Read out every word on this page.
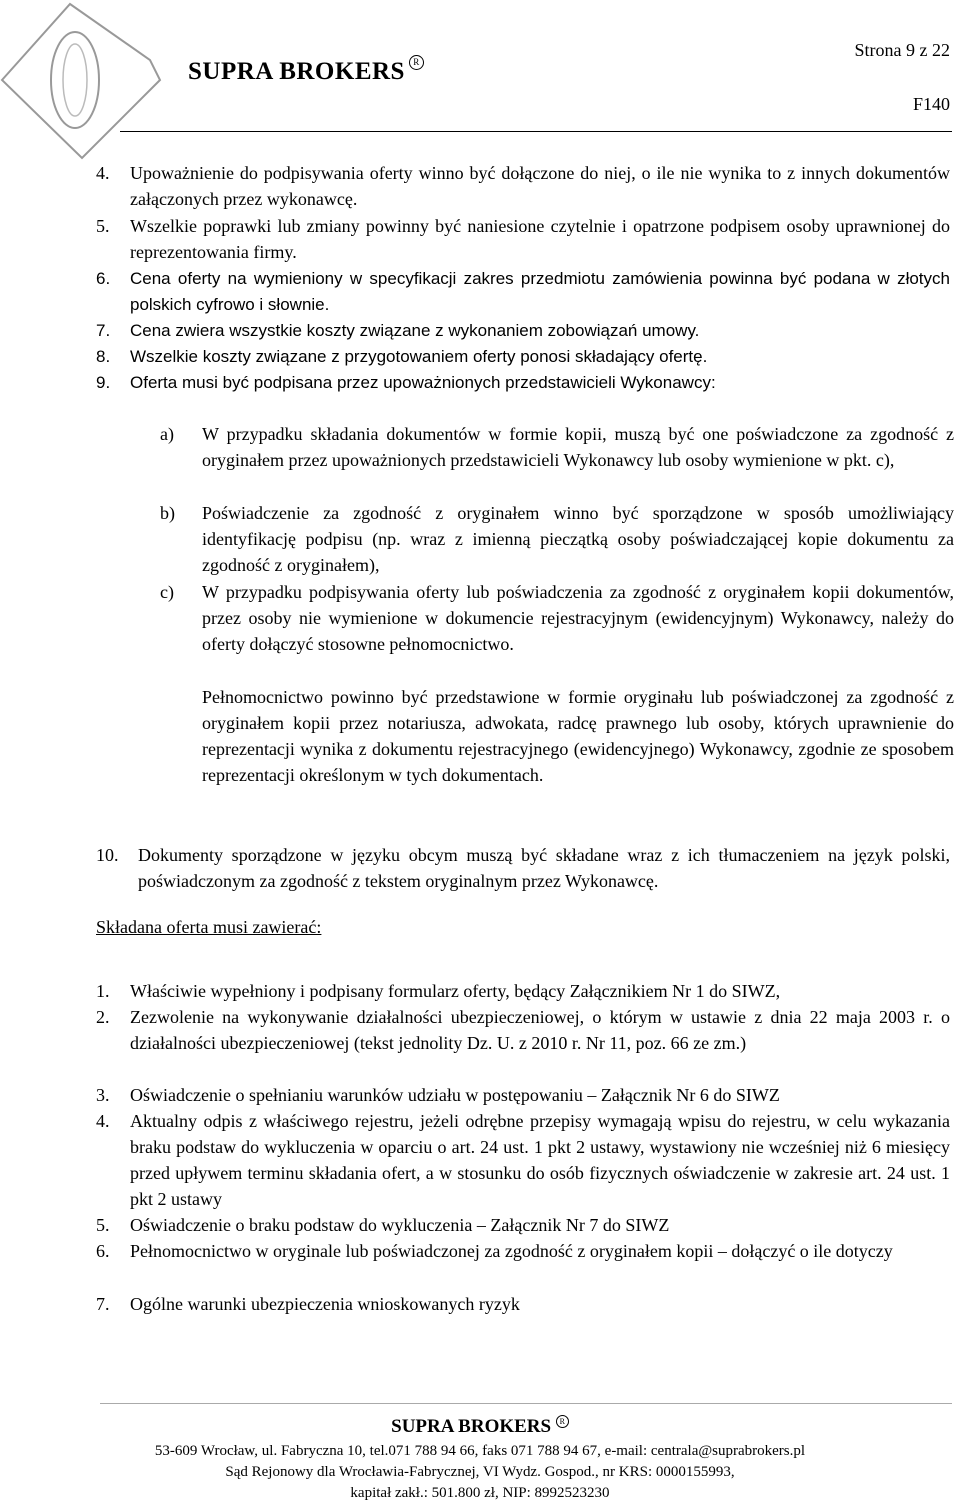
SUPRA BROKERS R
Strona 9 z 22
F140
4.	Upoważnienie do podpisywania oferty winno być dołączone do niej, o ile nie wynika to z innych dokumentów załączonych przez wykonawcę.
5.	Wszelkie poprawki lub zmiany powinny być naniesione czytelnie i opatrzone podpisem osoby uprawnionej do reprezentowania firmy.
6.	Cena oferty na wymieniony w specyfikacji zakres przedmiotu zamówienia powinna być podana w złotych polskich cyfrowo i słownie.
7.	Cena zwiera wszystkie koszty związane z wykonaniem zobowiązań umowy.
8.	Wszelkie koszty związane z przygotowaniem oferty ponosi składający ofertę.
9.	Oferta musi być podpisana przez upoważnionych przedstawicieli Wykonawcy:
a)	W przypadku składania dokumentów w formie kopii, muszą być one poświadczone za zgodność z oryginałem przez upoważnionych przedstawicieli Wykonawcy lub osoby wymienione w pkt. c),
b)	Poświadczenie za zgodność z oryginałem winno być sporządzone w sposób umożliwiający identyfikację podpisu (np. wraz z imienną pieczątką osoby poświadczającej kopie dokumentu za zgodność z oryginałem),
c)	W przypadku podpisywania oferty lub poświadczenia za zgodność z oryginałem kopii dokumentów, przez osoby nie wymienione w dokumencie rejestracyjnym (ewidencyjnym) Wykonawcy, należy do oferty dołączyć stosowne pełnomocnictwo.
Pełnomocnictwo powinno być przedstawione w formie oryginału lub poświadczonej za zgodność z oryginałem kopii przez notariusza, adwokata, radcę prawnego lub osoby, których uprawnienie do reprezentacji wynika z dokumentu rejestracyjnego (ewidencyjnego) Wykonawcy, zgodnie ze sposobem reprezentacji określonym w tych dokumentach.
10.	Dokumenty sporządzone w języku obcym muszą być składane wraz z ich tłumaczeniem na język polski, poświadczonym za zgodność z tekstem oryginalnym przez Wykonawcę.
Składana oferta musi zawierać:
1.	Właściwie wypełniony i podpisany formularz oferty, będący Załącznikiem Nr 1 do SIWZ,
2.	Zezwolenie na wykonywanie działalności ubezpieczeniowej, o którym w ustawie z dnia 22 maja 2003 r. o działalności ubezpieczeniowej (tekst jednolity Dz. U. z 2010 r. Nr 11, poz. 66 ze zm.)
3.	Oświadczenie o spełnianiu warunków udziału w postępowaniu – Załącznik Nr 6 do SIWZ
4.	Aktualny odpis z właściwego rejestru, jeżeli odrębne przepisy wymagają wpisu do rejestru, w celu wykazania braku podstaw do wykluczenia w oparciu o art. 24 ust. 1 pkt 2 ustawy, wystawiony nie wcześniej niż 6 miesięcy przed upływem terminu składania ofert, a w stosunku do osób fizycznych oświadczenie w zakresie art. 24 ust. 1 pkt 2 ustawy
5.	Oświadczenie o braku podstaw do wykluczenia – Załącznik Nr 7 do SIWZ
6.	Pełnomocnictwo w oryginale lub poświadczonej za zgodność z oryginałem kopii – dołączyć o ile dotyczy
7.	Ogólne warunki ubezpieczenia wnioskowanych ryzyk
SUPRA BROKERS R
53-609 Wrocław, ul. Fabryczna 10, tel.071 788 94 66, faks 071 788 94 67, e-mail: centrala@suprabrokers.pl
Sąd Rejonowy dla Wrocławia-Fabrycznej, VI Wydz. Gospod., nr KRS: 0000155993,
kapitał zakł.: 501.800 zł, NIP: 8992523230
